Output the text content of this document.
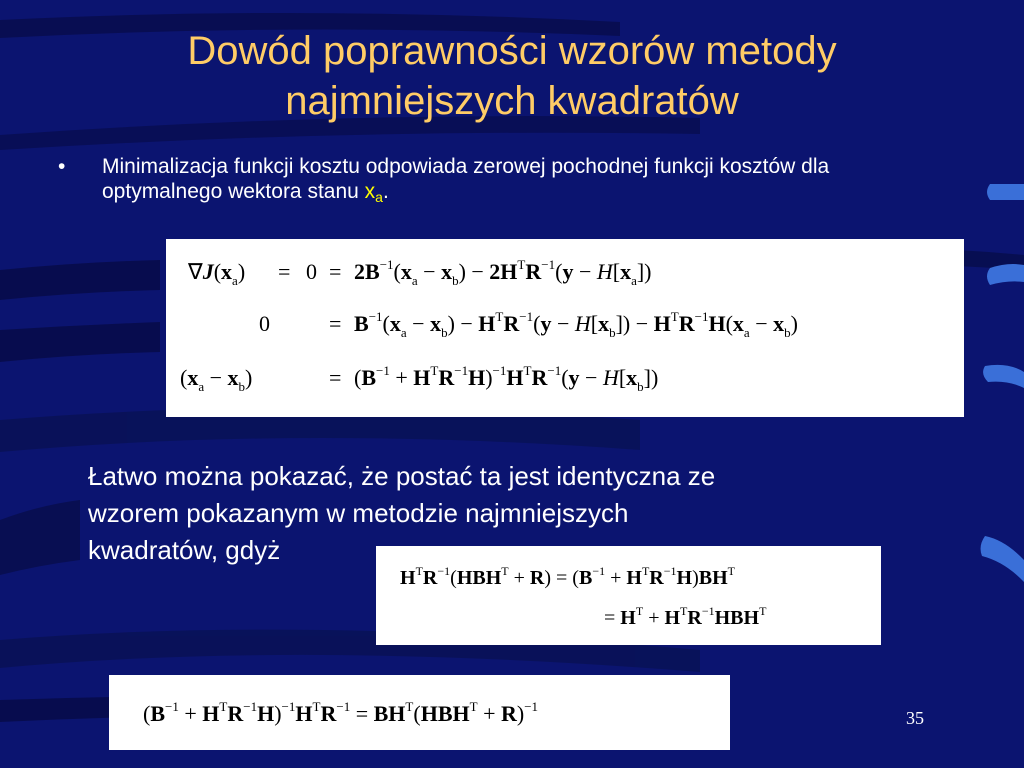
Dowód poprawności wzorów metody
najmniejszych kwadratów
• Minimalizacja funkcji kosztu odpowiada zerowej pochodnej funkcji kosztów dla optymalnego wektora stanu $x_a$.
$\nabla J(x_a) = 0 = 2B^{-1}(x_a - x_b) - 2H^TR^{-1}(y - H[x_a])$
0	= $B^{-1}(x_a - x_b) - H^TR^{-1}(y - H[x_b]) - H^TR^{-1}H(x_a - x_b)$
$(x_a - x_b)$	= $(B^{-1} + H^TR^{-1}H)^{-1}H^TR^{-1}(y - H[x_b])$
Łatwo można pokazać, że postać ta jest identyczna ze
wzorem pokazanym w metodzie najmniejszych
kwadratów, gdyż
$H^TR^{-1}(HBH^T + R) = (B^{-1} + H^TR^{-1}H)BH^T$
= $H^T + H^TR^{-1}HBH^T$
$(B^{-1} + H^TR^{-1}H)^{-1}H^TR^{-1} = BH^T(HBH^T + R)^{-1}$
35
